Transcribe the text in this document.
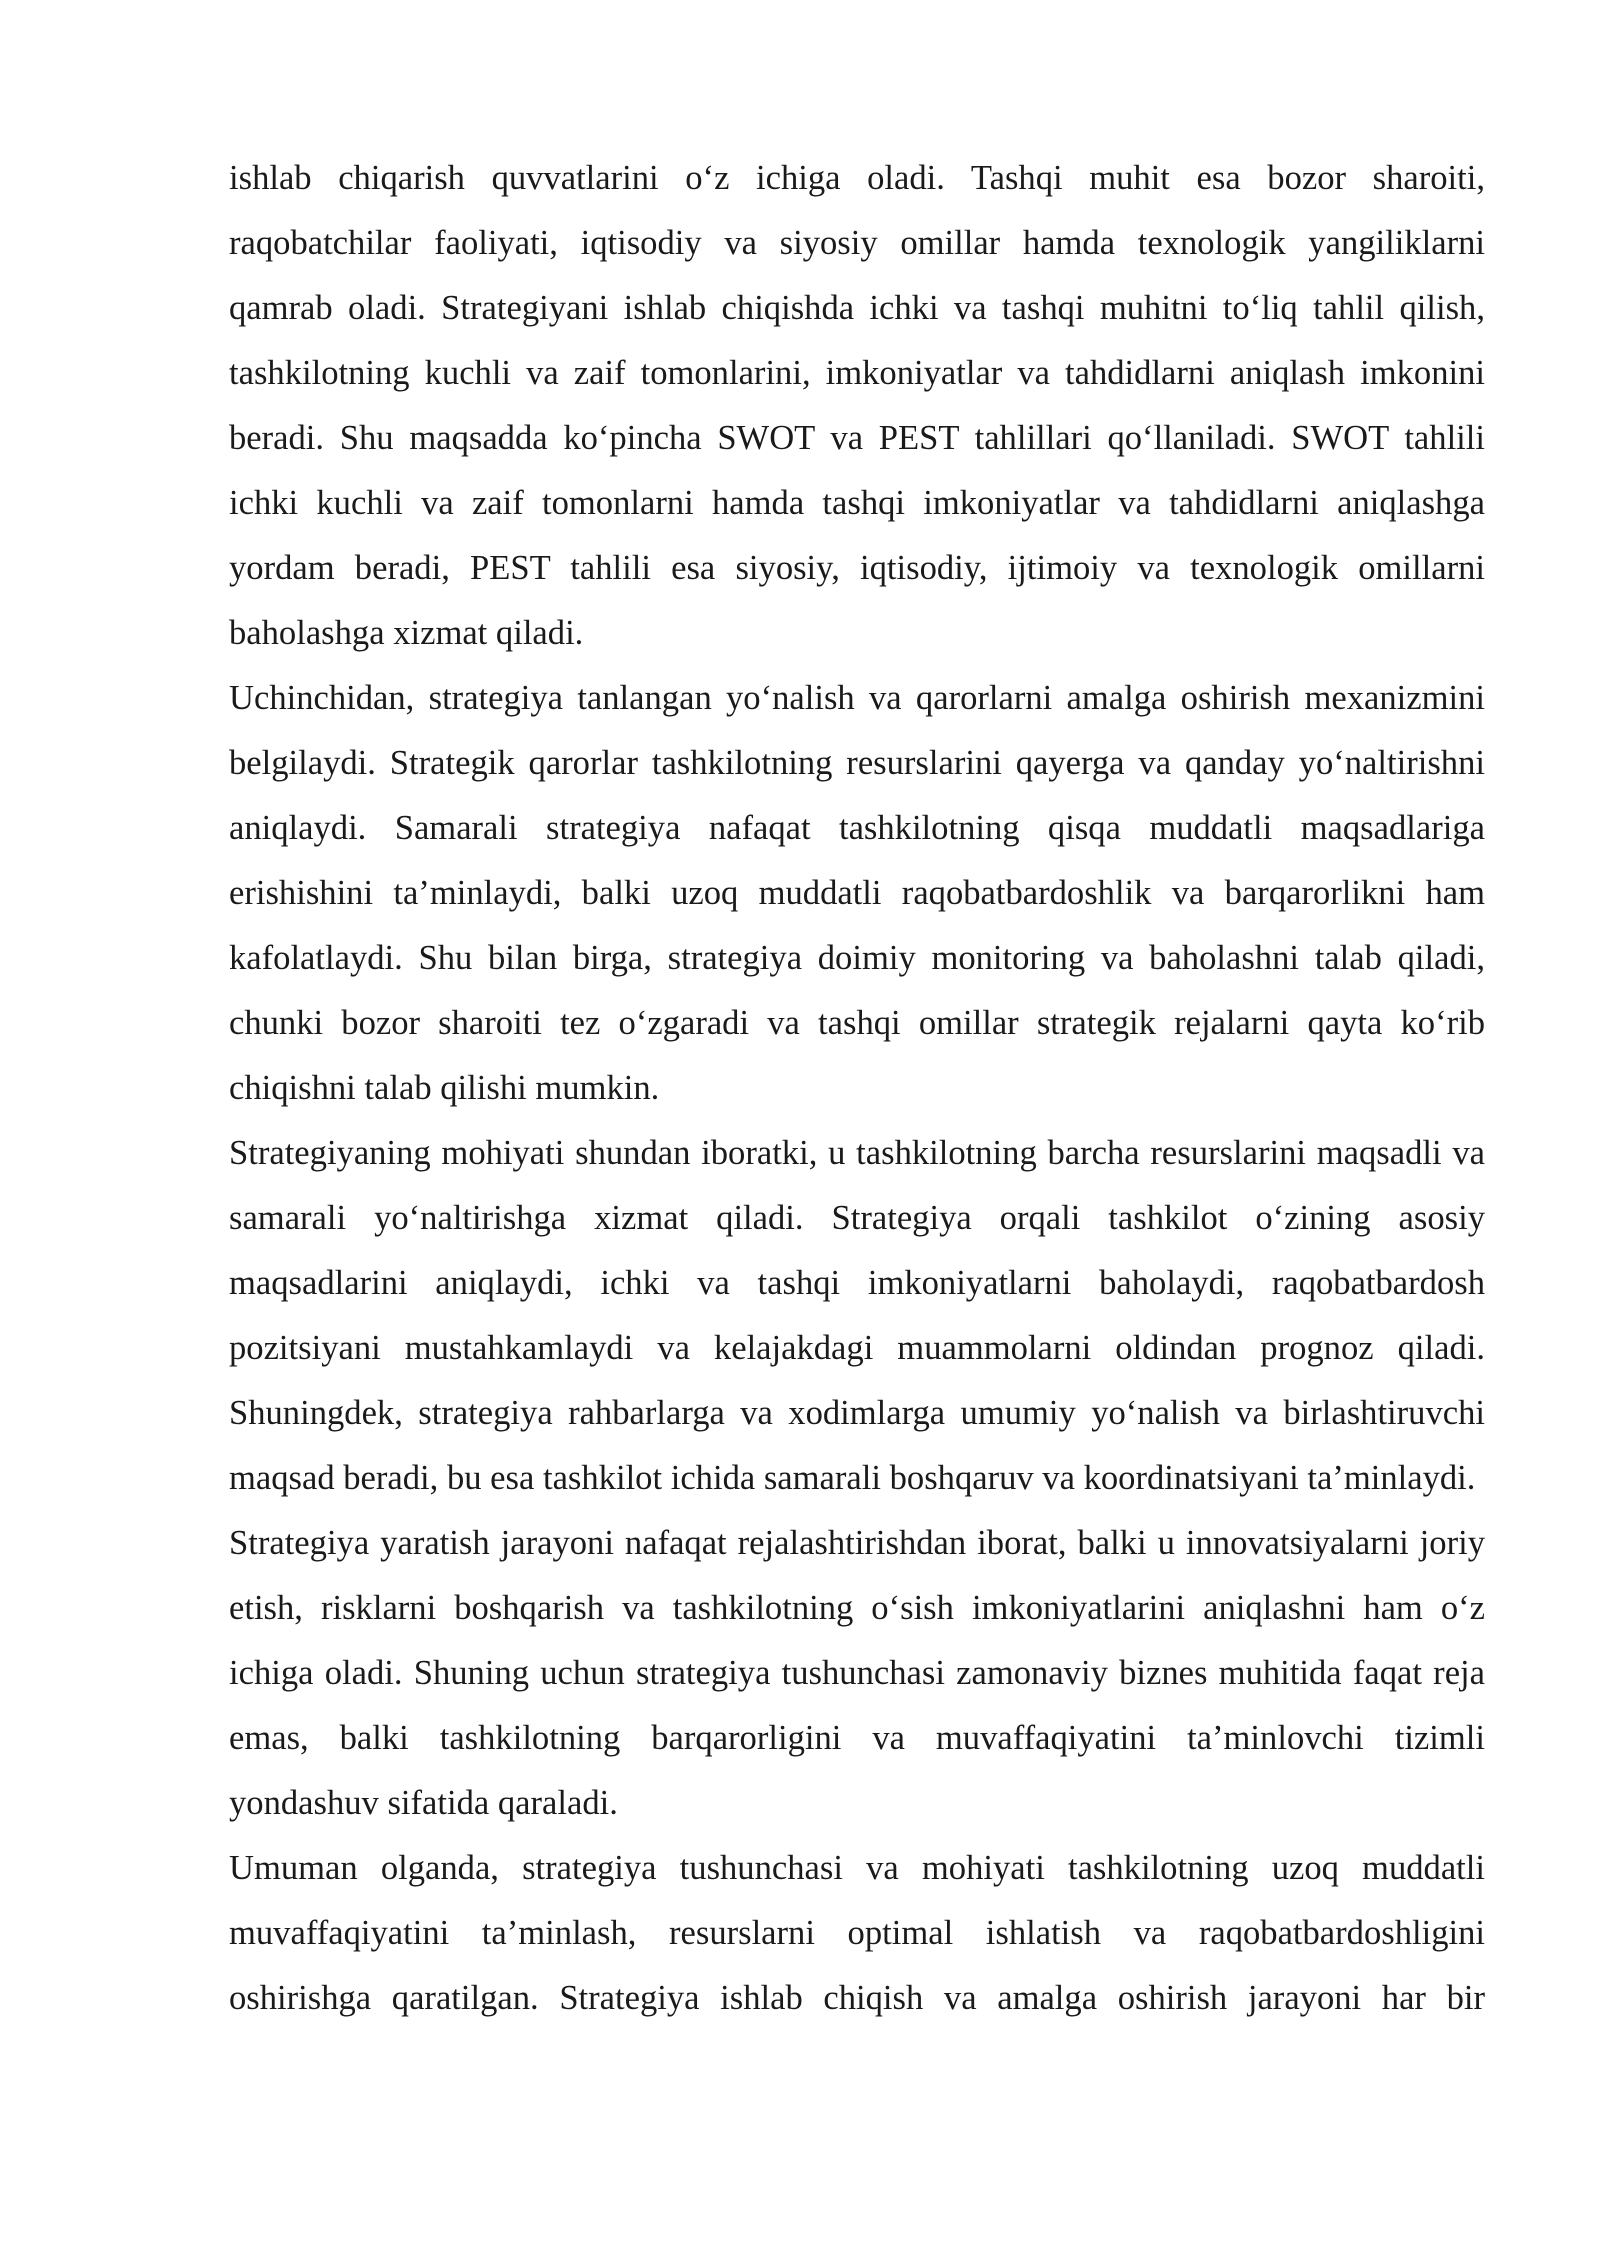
ishlab chiqarish quvvatlarini o‘z ichiga oladi. Tashqi muhit esa bozor sharoiti, raqobatchilar faoliyati, iqtisodiy va siyosiy omillar hamda texnologik yangiliklarni qamrab oladi. Strategiyani ishlab chiqishda ichki va tashqi muhitni to‘liq tahlil qilish, tashkilotning kuchli va zaif tomonlarini, imkoniyatlar va tahdidlarni aniqlash imkonini beradi. Shu maqsadda ko‘pincha SWOT va PEST tahlillari qo‘llaniladi. SWOT tahlili ichki kuchli va zaif tomonlarni hamda tashqi imkoniyatlar va tahdidlarni aniqlashga yordam beradi, PEST tahlili esa siyosiy, iqtisodiy, ijtimoiy va texnologik omillarni baholashga xizmat qiladi.

Uchinchidan, strategiya tanlangan yo‘nalish va qarorlarni amalga oshirish mexanizmini belgilaydi. Strategik qarorlar tashkilotning resurslarini qayerga va qanday yo‘naltirishni aniqlaydi. Samarali strategiya nafaqat tashkilotning qisqa muddatli maqsadlariga erishishini ta’minlaydi, balki uzoq muddatli raqobatbardoshlik va barqarorlikni ham kafolatlaydi. Shu bilan birga, strategiya doimiy monitoring va baholashni talab qiladi, chunki bozor sharoiti tez o‘zgaradi va tashqi omillar strategik rejalarni qayta ko‘rib chiqishni talab qilishi mumkin.

Strategiyaning mohiyati shundan iboratki, u tashkilotning barcha resurslarini maqsadli va samarali yo‘naltirishga xizmat qiladi. Strategiya orqali tashkilot o‘zining asosiy maqsadlarini aniqlaydi, ichki va tashqi imkoniyatlarni baholaydi, raqobatbardosh pozitsiyani mustahkamlaydi va kelajakdagi muammolarni oldindan prognoz qiladi. Shuningdek, strategiya rahbarlarga va xodimlarga umumiy yo‘nalish va birlashtiruvchi maqsad beradi, bu esa tashkilot ichida samarali boshqaruv va koordinatsiyani ta’minlaydi.

Strategiya yaratish jarayoni nafaqat rejalashtirishdan iborat, balki u innovatsiyalarni joriy etish, risklarni boshqarish va tashkilotning o‘sish imkoniyatlarini aniqlashni ham o‘z ichiga oladi. Shuning uchun strategiya tushunchasi zamonaviy biznes muhitida faqat reja emas, balki tashkilotning barqarorligini va muvaffaqiyatini ta’minlovchi tizimli yondashuv sifatida qaraladi.

Umuman olganda, strategiya tushunchasi va mohiyati tashkilotning uzoq muddatli muvaffaqiyatini ta’minlash, resurslarni optimal ishlatish va raqobatbardoshligini oshirishga qaratilgan. Strategiya ishlab chiqish va amalga oshirish jarayoni har bir
